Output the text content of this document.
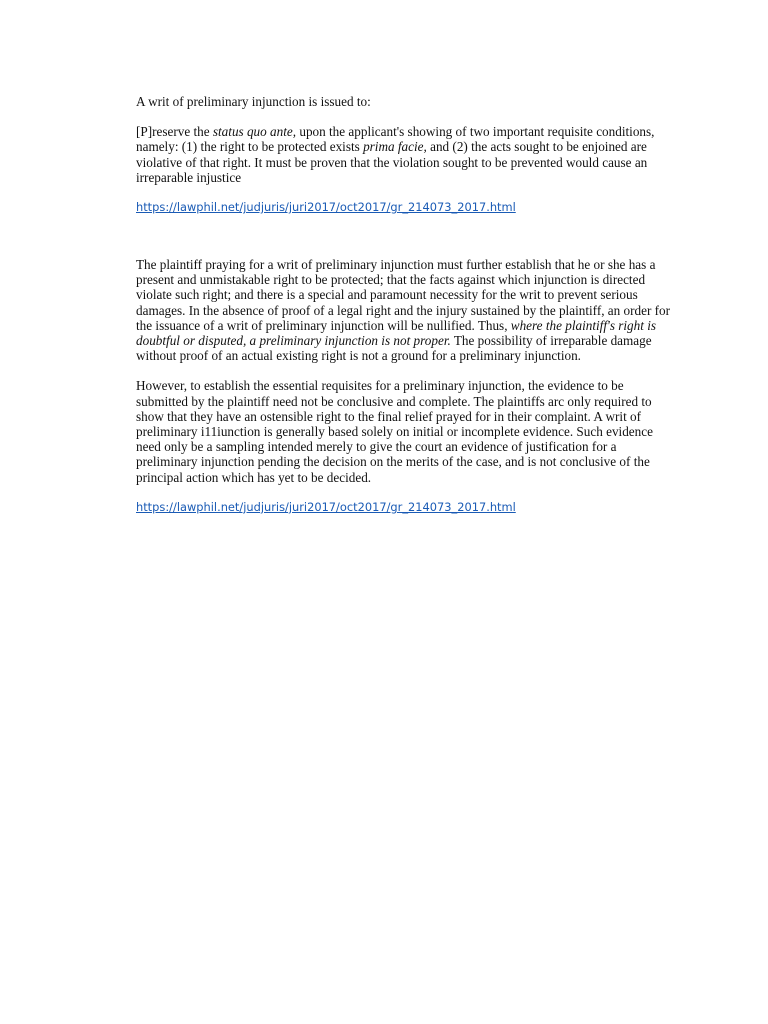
A writ of preliminary injunction is issued to:

[P]reserve the status quo ante, upon the applicant's showing of two important requisite conditions, namely: (1) the right to be protected exists prima facie, and (2) the acts sought to be enjoined are violative of that right. It must be proven that the violation sought to be prevented would cause an irreparable injustice

https://lawphil.net/judjuris/juri2017/oct2017/gr_214073_2017.html

The plaintiff praying for a writ of preliminary injunction must further establish that he or she has a present and unmistakable right to be protected; that the facts against which injunction is directed violate such right; and there is a special and paramount necessity for the writ to prevent serious damages. In the absence of proof of a legal right and the injury sustained by the plaintiff, an order for the issuance of a writ of preliminary injunction will be nullified. Thus, where the plaintiff's right is doubtful or disputed, a preliminary injunction is not proper. The possibility of irreparable damage without proof of an actual existing right is not a ground for a preliminary injunction.

However, to establish the essential requisites for a preliminary injunction, the evidence to be submitted by the plaintiff need not be conclusive and complete. The plaintiffs arc only required to show that they have an ostensible right to the final relief prayed for in their complaint. A writ of preliminary i11iunction is generally based solely on initial or incomplete evidence. Such evidence need only be a sampling intended merely to give the court an evidence of justification for a preliminary injunction pending the decision on the merits of the case, and is not conclusive of the principal action which has yet to be decided.

https://lawphil.net/judjuris/juri2017/oct2017/gr_214073_2017.html
